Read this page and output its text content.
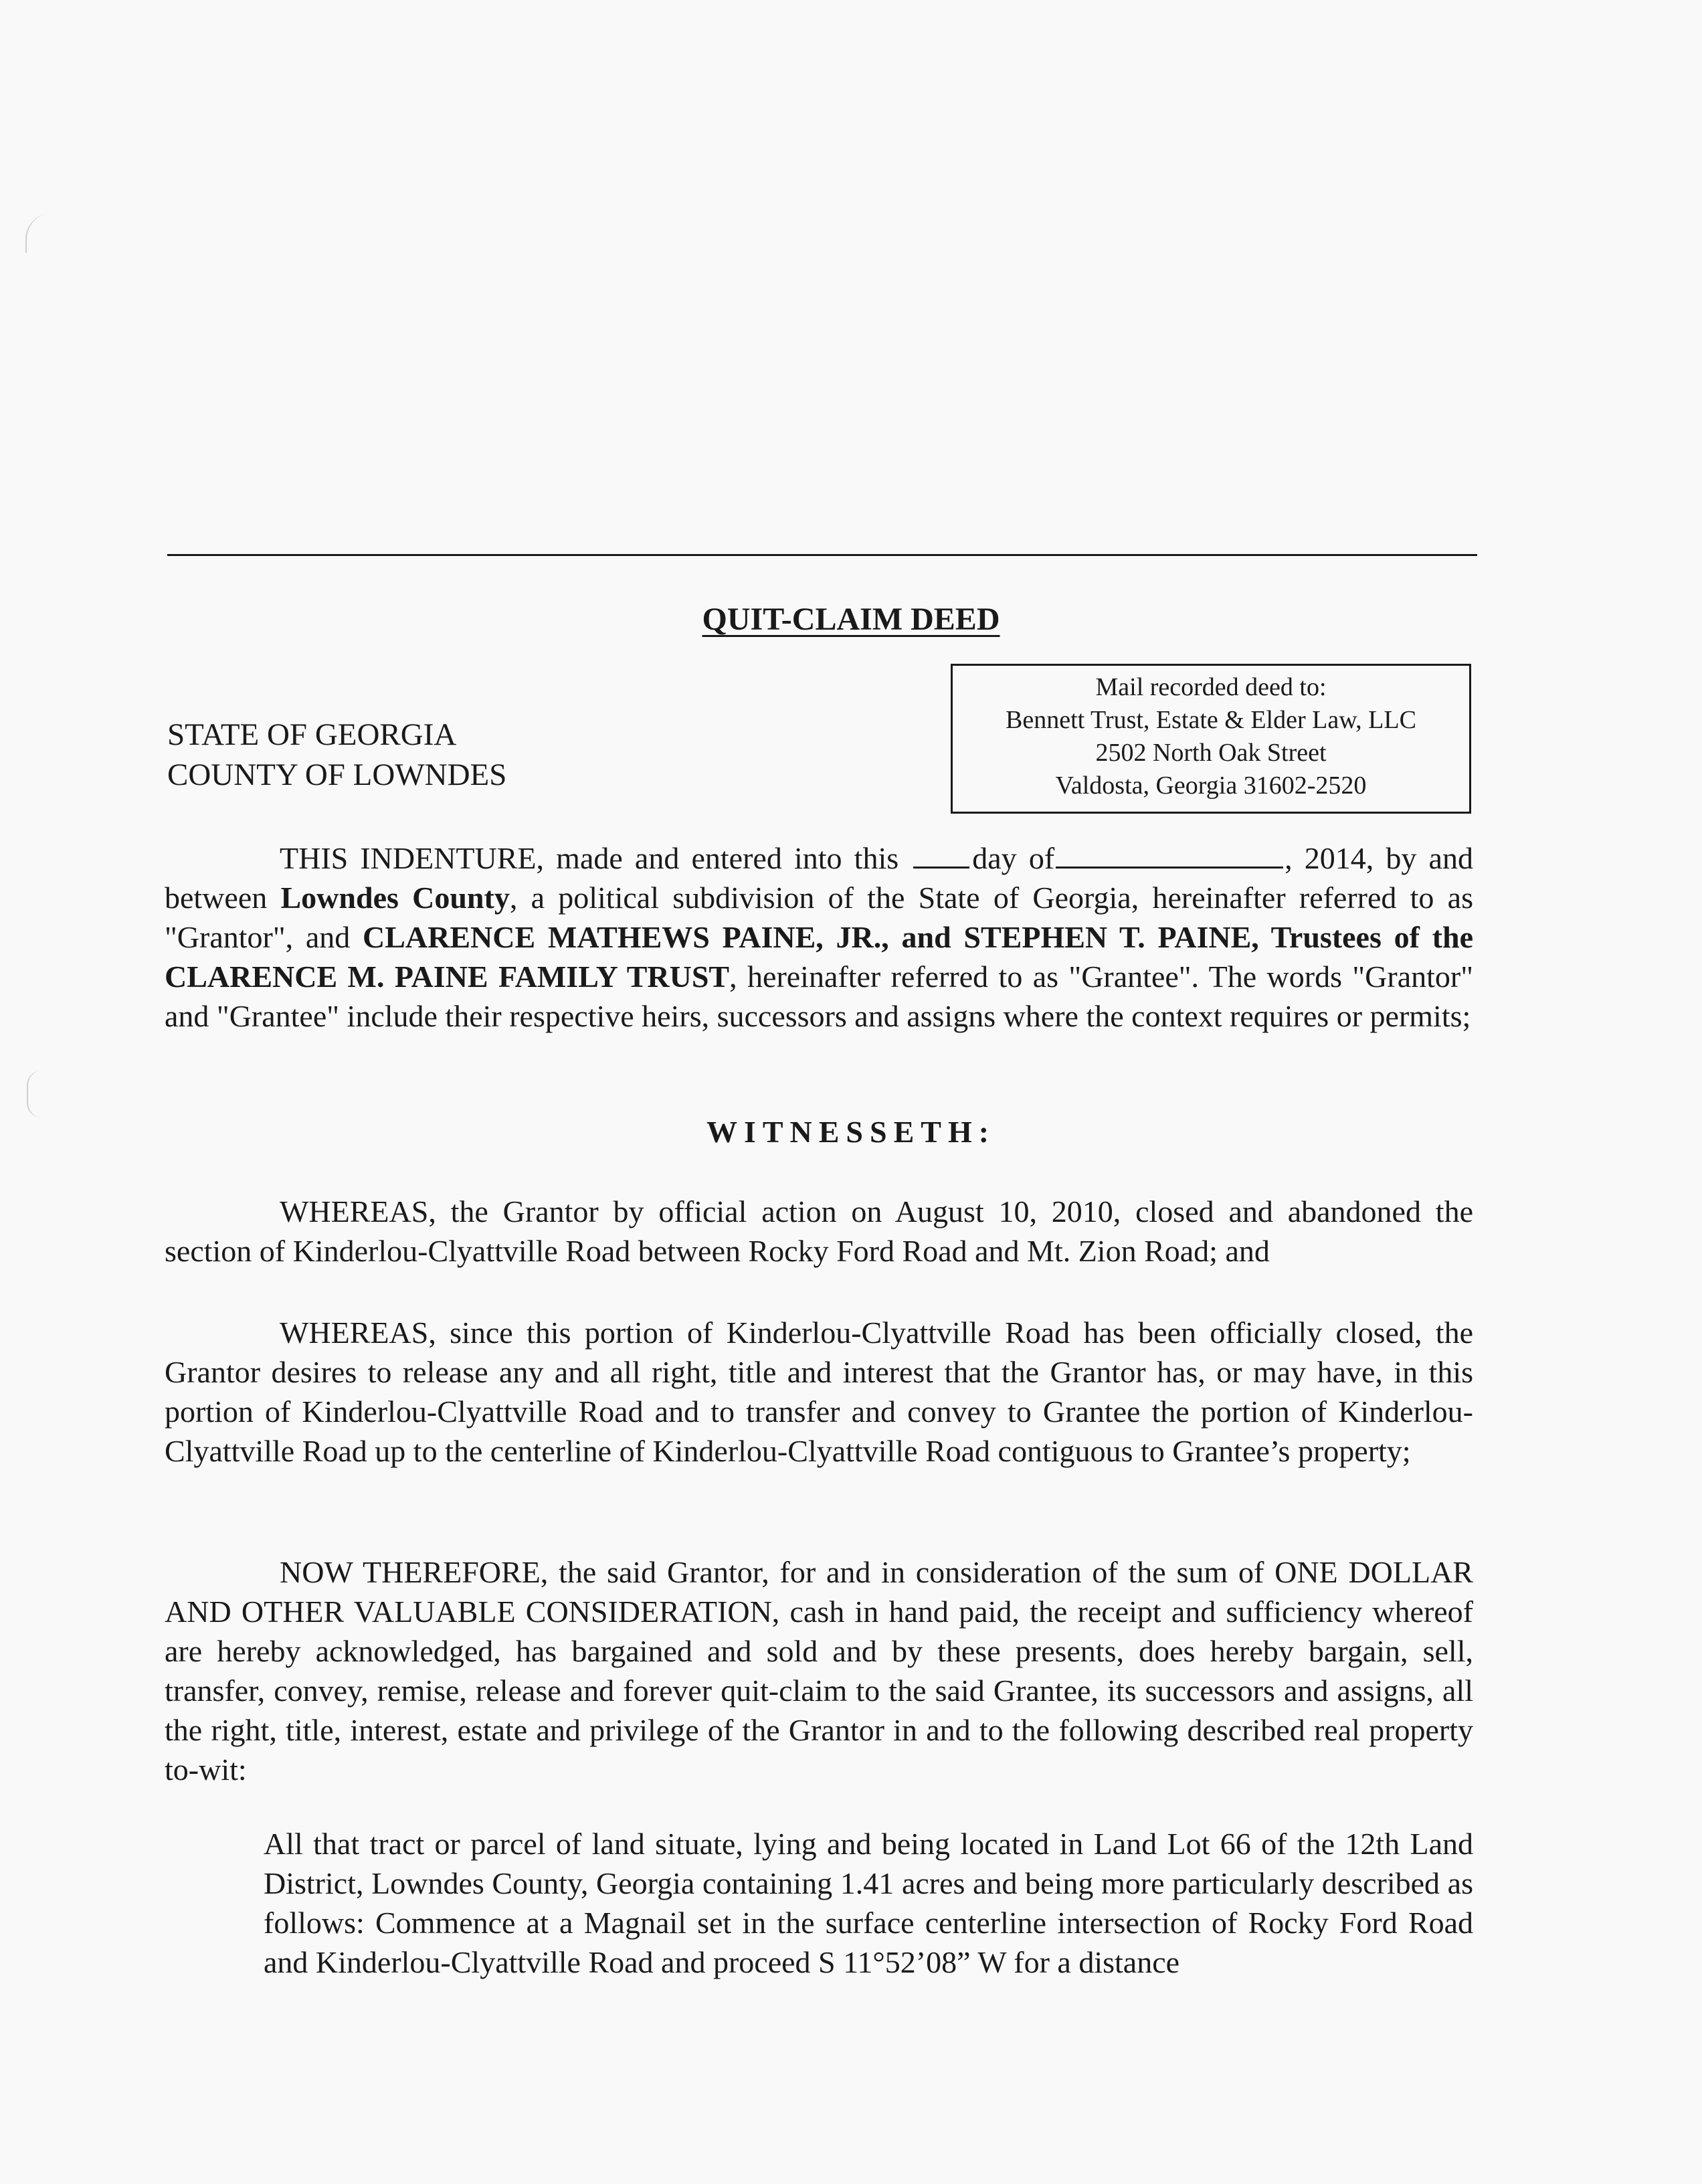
QUIT-CLAIM DEED
Mail recorded deed to:
Bennett Trust, Estate & Elder Law, LLC
2502 North Oak Street
Valdosta, Georgia 31602-2520
STATE OF GEORGIA
COUNTY OF LOWNDES
THIS INDENTURE, made and entered into this day of	, 2014, by and between Lowndes County, a political subdivision of the State of Georgia, hereinafter referred to as "Grantor", and CLARENCE MATHEWS PAINE, JR., and STEPHEN T. PAINE, Trustees of the CLARENCE M. PAINE FAMILY TRUST, hereinafter referred to as "Grantee". The words "Grantor" and "Grantee" include their respective heirs, successors and assigns where the context requires or permits;
WITNESSETH:
WHEREAS, the Grantor by official action on August 10, 2010, closed and abandoned the section of Kinderlou-Clyattville Road between Rocky Ford Road and Mt. Zion Road; and
WHEREAS, since this portion of Kinderlou-Clyattville Road has been officially closed, the Grantor desires to release any and all right, title and interest that the Grantor has, or may have, in this portion of Kinderlou-Clyattville Road and to transfer and convey to Grantee the portion of Kinderlou-Clyattville Road up to the centerline of Kinderlou-Clyattville Road contiguous to Grantee’s property;
NOW THEREFORE, the said Grantor, for and in consideration of the sum of ONE DOLLAR AND OTHER VALUABLE CONSIDERATION, cash in hand paid, the receipt and sufficiency whereof are hereby acknowledged, has bargained and sold and by these presents, does hereby bargain, sell, transfer, convey, remise, release and forever quit-claim to the said Grantee, its successors and assigns, all the right, title, interest, estate and privilege of the Grantor in and to the following described real property to-wit:
All that tract or parcel of land situate, lying and being located in Land Lot 66 of the 12th Land District, Lowndes County, Georgia containing 1.41 acres and being more particularly described as follows: Commence at a Magnail set in the surface centerline intersection of Rocky Ford Road and Kinderlou-Clyattville Road and proceed S 11°52’08” W for a distance
